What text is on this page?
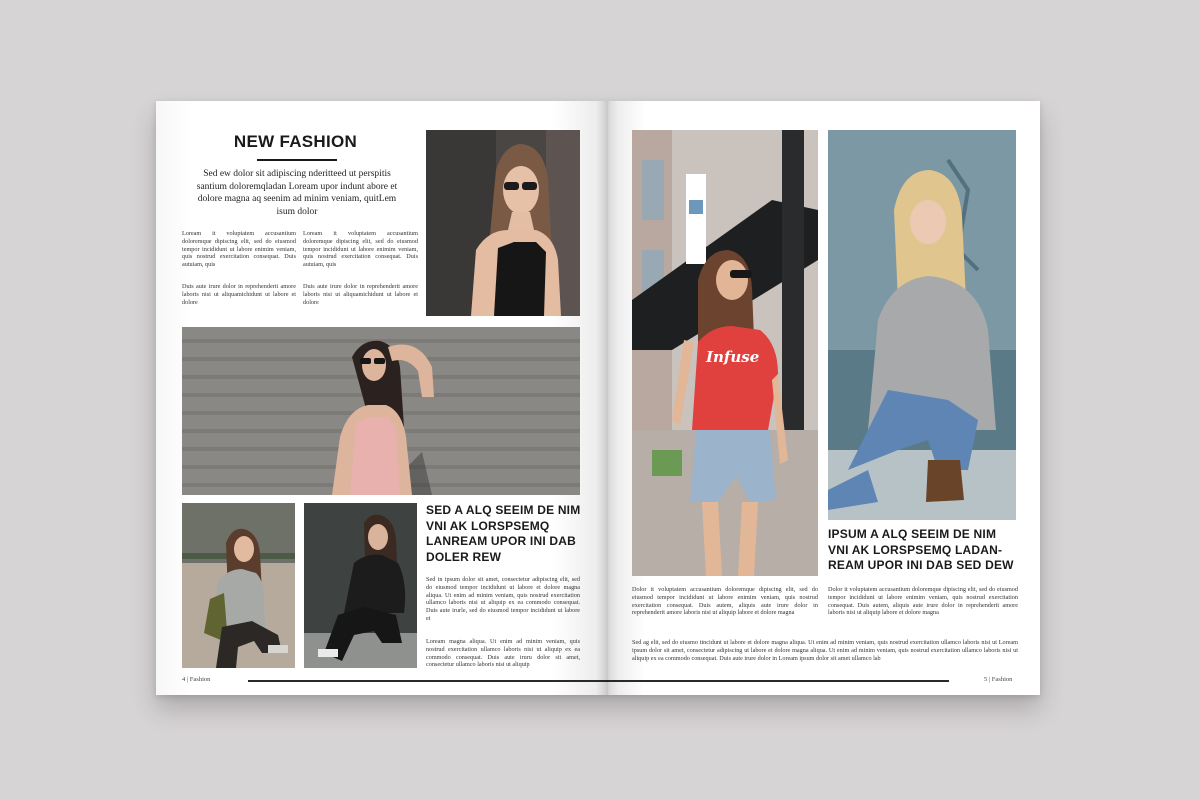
NEW FASHION

Sed ew dolor sit adipiscing nderitteed ut perspitis santium doloremqladan Loream upor indunt abore et dolore magna aq seenim ad minim veniam, quitLem isum dolor

Loream it voluptatem accusantium doloremque dipiscing elit, sed do eiusmod tempor incididunt ut labore enimim veniam, quis nostrud exercitation consequat. Duis autuiam, quis

Duis aute irure dolor in reprehenderit amore laboris nisi ut aliquamichidunt ut labore et dolore

Loream it voluptatem accusantium doloremque dipiscing elit, sed do eiusmod tempor incididunt ut labore enimim veniam, quis nostrud exercitation consequat. Duis autuiam, quis

Duis aute irure dolor in reprehenderit amore laboris nisi ut aliquamichidunt ut labore et dolore

SED A ALQ SEEIM DE NIM VNI AK LORSPSEMQ LANREAM UPOR INI DAB DOLER REW

Sed in ipsum dolor sit amet, consectetur adipiscing elit, sed do eiusmod tempor incididunt ut labore et dolore magna aliqua. Ut enim ad minim veniam, quis nostrud exercitation ullamco laboris nisi ut aliquip ex ea commodo consequat. Duis aute irurle, sed do eiusmod tempor incididunt ut labore et

Loream magna aliqua. Ut enim ad minim veniam, quis nostrud exercitation ullamco laboris nisi ut aliquip ex ea commodo consequat. Duis aute iruru dolor sit amet, consectetur ullamco laboris nisi ut aliquip

4 | Fashion
Infuse
IPSUM A ALQ SEEIM DE NIM VNI AK LORSPSEMQ LADAN-REAM UPOR INI DAB SED DEW

Dolor it voluptatem accusantium doloremque dipiscing elit, sed do eiusmod tempor incididunt ut labore enimim veniam, quis nostrud exercitation consequat. Duis autem, aliquis aute irure dolor in reprehenderit amore laboris nisi ut aliquip labore et dolore magna

Dolor it voluptatem accusantium doloremque dipiscing elit, sed do eiusmod tempor incididunt ut labore enimim veniam, quis nostrud exercitation consequat. Duis autem, aliquis aute irure dolor in reprehenderit amore laboris nisi ut aliquip labore et dolore magna

Sed ag elit, sed do eiusmo tincidunt ut labore et dolore magna aliqua. Ut enim ad minim veniam, quis nostrud exercitation ullamco laboris nisi ut Loream ipsum dolor sit amet, consectetur adipiscing ut labore et dolore magna aliqua. Ut enim ad minim veniam, quis nostrud exercitation ullamco laboris nisi ut aliquip ex ea commodo consequat. Duis aute irure dolor in Loream ipsum dolor sit amet ullamco lab

5 | Fashion
